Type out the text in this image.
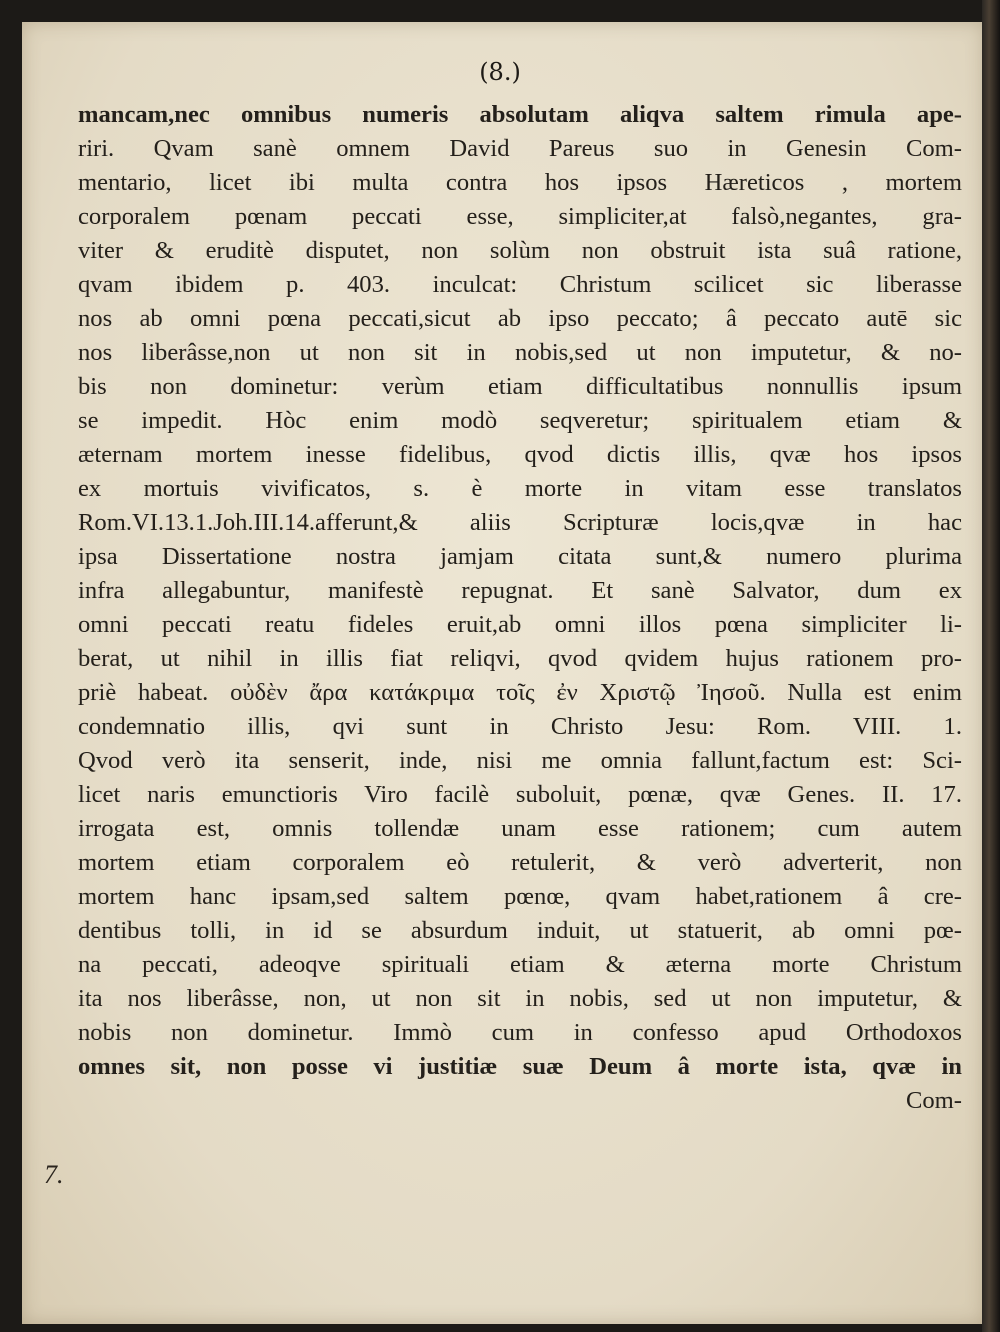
(8.)
mancam,nec omnibus numeris absolutam aliqva saltem rimula ape-
riri. Qvam sanè omnem David Pareus suo in Genesin Com-
mentario, licet ibi multa contra hos ipsos Hæreticos , mortem
corporalem pœnam peccati esse, simpliciter,at falsò,negantes, gra-
viter & eruditè disputet, non solùm non obstruit ista suâ ratione,
qvam ibidem p. 403. inculcat: Christum scilicet sic liberasse
nos ab omni pœna peccati,sicut ab ipso peccato; â peccato autē sic
nos liberâsse,non ut non sit in nobis,sed ut non imputetur, & no-
bis non dominetur: verùm etiam difficultatibus nonnullis ipsum
se impedit. Hòc enim modò seqveretur; spiritualem etiam &
æternam mortem inesse fidelibus, qvod dictis illis, qvæ hos ipsos
ex mortuis vivificatos, s. è morte in vitam esse translatos
Rom.VI.13.1.Joh.III.14.afferunt,& aliis Scripturæ locis,qvæ in hac
ipsa Dissertatione nostra jamjam citata sunt,& numero plurima
infra allegabuntur, manifestè repugnat. Et sanè Salvator, dum ex
omni peccati reatu fideles eruit,ab omni illos pœna simpliciter li-
berat, ut nihil in illis fiat reliqvi, qvod qvidem hujus rationem pro-
priè habeat. οὐδὲν ἄρα κατάκριμα τοῖς ἐν Χριστῷ Ἰησοῦ. Nulla est enim
condemnatio illis, qvi sunt in Christo Jesu: Rom. VIII. 1.
Qvod verò ita senserit, inde, nisi me omnia fallunt,factum est: Sci-
licet naris emunctioris Viro facilè suboluit, pœnæ, qvæ Genes. II. 17.
irrogata est, omnis tollendæ unam esse rationem; cum autem
mortem etiam corporalem eò retulerit, & verò adverterit, non
mortem hanc ipsam,sed saltem pœnœ, qvam habet,rationem â cre-
dentibus tolli, in id se absurdum induit, ut statuerit, ab omni pœ-
na peccati, adeoqve spirituali etiam & æterna morte Christum
ita nos liberâsse, non, ut non sit in nobis, sed ut non imputetur, &
nobis non dominetur. Immò cum in confesso apud Orthodoxos
omnes sit, non posse vi justitiæ suæ Deum â morte ista, qvæ in
Com-
7.
